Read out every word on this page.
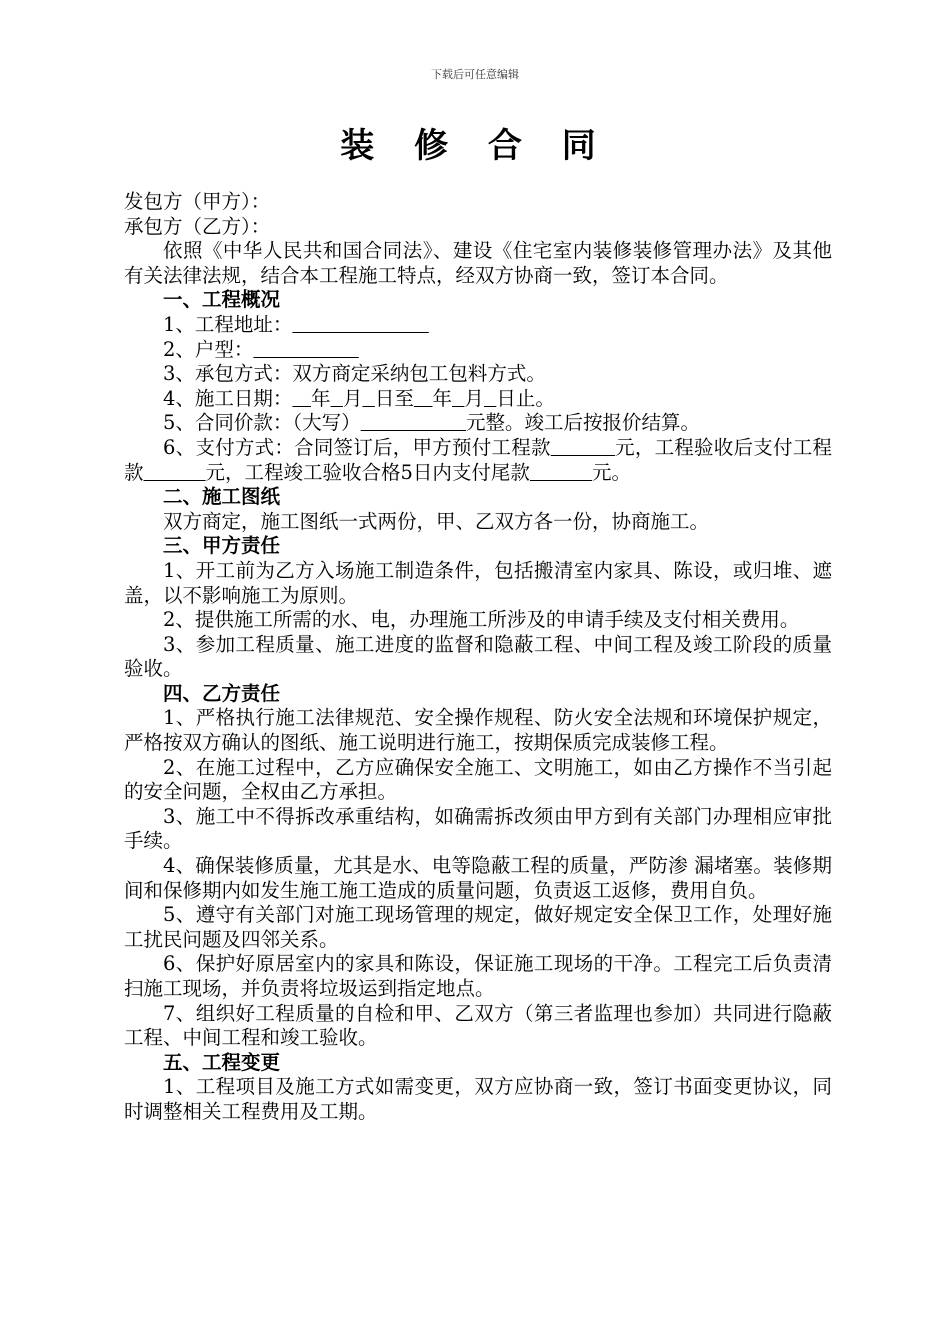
下载后可任意编辑
装 修 合 同

发包方（甲方）：

承包方（乙方）：

依照《中华人民共和国合同法》、建设《住宅室内装修装修管理办法》及其他有关法律法规，结合本工程施工特点，经双方协商一致，签订本合同。

一、工程概况

1、工程地址：

2、户型：

3、承包方式：双方商定采纳包工包料方式。

4、施工日期： 年 月 日至 年 月 日止。

5、合同价款：（大写）	元整。竣工后按报价结算。

6、支付方式：合同签订后，甲方预付工程款	元，工程验收后支付工程款	元，工程竣工验收合格5日内支付尾款	元。

二、施工图纸

双方商定，施工图纸一式两份，甲、乙双方各一份，协商施工。

三、甲方责任

1、开工前为乙方入场施工制造条件，包括搬清室内家具、陈设，或归堆、遮盖，以不影响施工为原则。

2、提供施工所需的水、电，办理施工所涉及的申请手续及支付相关费用。

3、参加工程质量、施工进度的监督和隐蔽工程、中间工程及竣工阶段的质量验收。

四、乙方责任

1、严格执行施工法律规范、安全操作规程、防火安全法规和环境保护规定，严格按双方确认的图纸、施工说明进行施工，按期保质完成装修工程。

2、在施工过程中，乙方应确保安全施工、文明施工，如由乙方操作不当引起的安全问题，全权由乙方承担。

3、施工中不得拆改承重结构，如确需拆改须由甲方到有关部门办理相应审批手续。

4、确保装修质量，尤其是水、电等隐蔽工程的质量，严防渗 漏堵塞。装修期间和保修期内如发生施工施工造成的质量问题，负责返工返修，费用自负。

5、遵守有关部门对施工现场管理的规定，做好规定安全保卫工作，处理好施工扰民问题及四邻关系。

6、保护好原居室内的家具和陈设，保证施工现场的干净。工程完工后负责清扫施工现场，并负责将垃圾运到指定地点。

7、组织好工程质量的自检和甲、乙双方（第三者监理也参加）共同进行隐蔽工程、中间工程和竣工验收。

五、工程变更

1、工程项目及施工方式如需变更，双方应协商一致，签订书面变更协议，同时调整相关工程费用及工期。
